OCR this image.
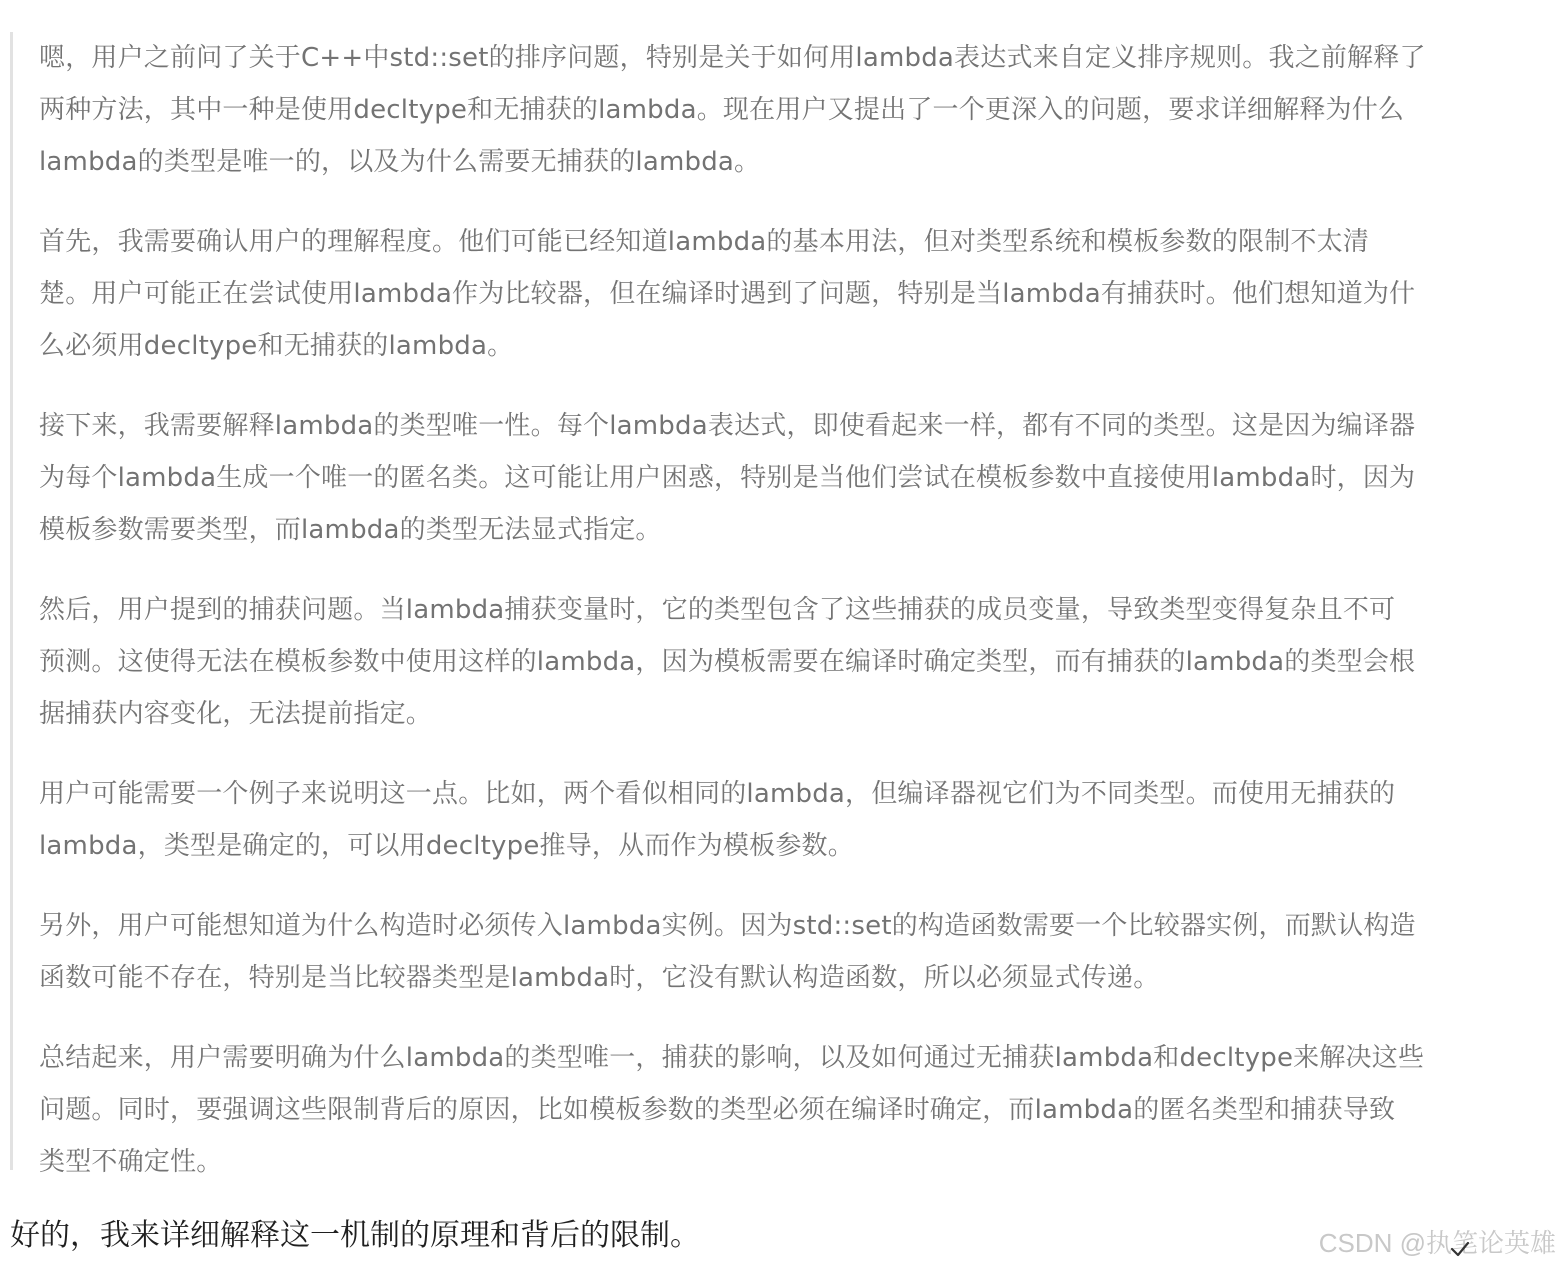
嗯，用户之前问了关于C++中std::set的排序问题，特别是关于如何用lambda表达式来自定义排序规则。我之前解释了
两种方法，其中一种是使用decltype和无捕获的lambda。现在用户又提出了一个更深入的问题，要求详细解释为什么
lambda的类型是唯一的，以及为什么需要无捕获的lambda。

首先，我需要确认用户的理解程度。他们可能已经知道lambda的基本用法，但对类型系统和模板参数的限制不太清
楚。用户可能正在尝试使用lambda作为比较器，但在编译时遇到了问题，特别是当lambda有捕获时。他们想知道为什
么必须用decltype和无捕获的lambda。

接下来，我需要解释lambda的类型唯一性。每个lambda表达式，即使看起来一样，都有不同的类型。这是因为编译器
为每个lambda生成一个唯一的匿名类。这可能让用户困惑，特别是当他们尝试在模板参数中直接使用lambda时，因为
模板参数需要类型，而lambda的类型无法显式指定。

然后，用户提到的捕获问题。当lambda捕获变量时，它的类型包含了这些捕获的成员变量，导致类型变得复杂且不可
预测。这使得无法在模板参数中使用这样的lambda，因为模板需要在编译时确定类型，而有捕获的lambda的类型会根
据捕获内容变化，无法提前指定。

用户可能需要一个例子来说明这一点。比如，两个看似相同的lambda，但编译器视它们为不同类型。而使用无捕获的
lambda，类型是确定的，可以用decltype推导，从而作为模板参数。

另外，用户可能想知道为什么构造时必须传入lambda实例。因为std::set的构造函数需要一个比较器实例，而默认构造
函数可能不存在，特别是当比较器类型是lambda时，它没有默认构造函数，所以必须显式传递。

总结起来，用户需要明确为什么lambda的类型唯一，捕获的影响，以及如何通过无捕获lambda和decltype来解决这些
问题。同时，要强调这些限制背后的原因，比如模板参数的类型必须在编译时确定，而lambda的匿名类型和捕获导致
类型不确定性。

好的，我来详细解释这一机制的原理和背后的限制。	CSDN @执笔论英雄
